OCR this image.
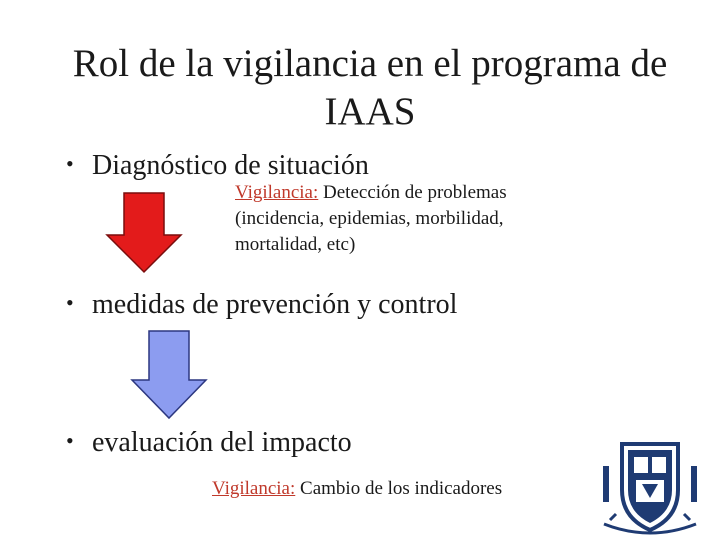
Rol de la vigilancia en el programa de
IAAS
• Diagnóstico de situación
Vigilancia: Detección de problemas
(incidencia, epidemias, morbilidad,
mortalidad, etc)
• medidas de prevención y control
• evaluación del impacto
Vigilancia: Cambio de los indicadores
